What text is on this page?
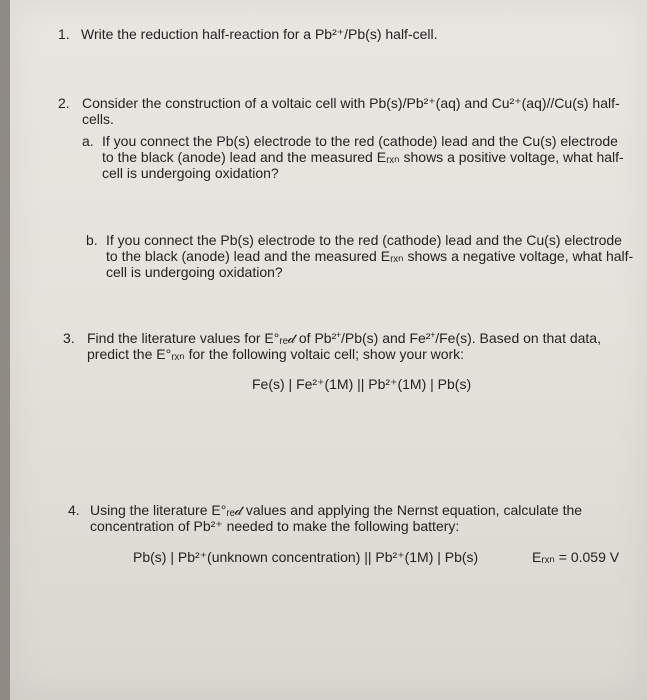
1. Write the reduction half-reaction for a Pb²⁺/Pb(s) half-cell.
2. Consider the construction of a voltaic cell with Pb(s)/Pb²⁺(aq) and Cu²⁺(aq)//Cu(s) half-
cells.
a. If you connect the Pb(s) electrode to the red (cathode) lead and the Cu(s) electrode
to the black (anode) lead and the measured Eᵣₓₙ shows a positive voltage, what half-
cell is undergoing oxidation?
b. If you connect the Pb(s) electrode to the red (cathode) lead and the Cu(s) electrode
to the black (anode) lead and the measured Eᵣₓₙ shows a negative voltage, what half-
cell is undergoing oxidation?
3. Find the literature values for E°ᵣₑ𝒹 of Pb²⁺/Pb(s) and Fe²⁺/Fe(s). Based on that data,
predict the E°ᵣₓₙ for the following voltaic cell; show your work:
Fe(s) | Fe²⁺(1M) || Pb²⁺(1M) | Pb(s)
4. Using the literature E°ᵣₑ𝒹 values and applying the Nernst equation, calculate the
concentration of Pb²⁺ needed to make the following battery:
Pb(s) | Pb²⁺(unknown concentration) || Pb²⁺(1M) | Pb(s)	Eᵣₓₙ = 0.059 V
